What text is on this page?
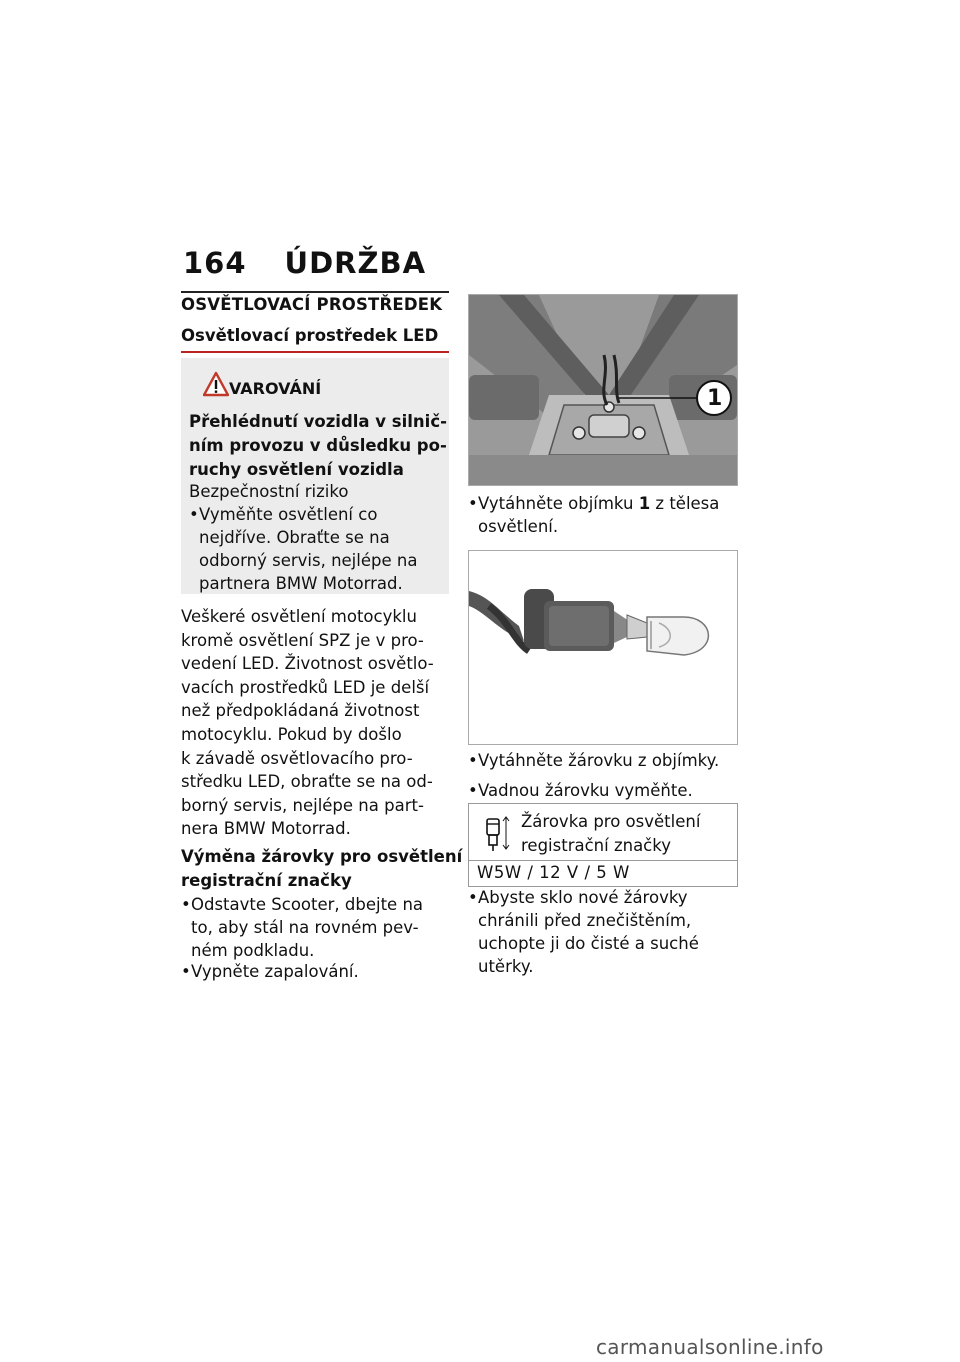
164 ÚDRŽBA
OSVĚTLOVACÍ PROSTŘEDEK
Osvětlovací prostředek LED
VAROVÁNÍ
Přehlédnutí vozidla v silnič-
ním provozu v důsledku po-
ruchy osvětlení vozidla
Bezpečnostní riziko
• Vyměňte osvětlení co
nejdříve. Obraťte se na
odborný servis, nejlépe na
partnera BMW Motorrad.
Veškeré osvětlení motocyklu
kromě osvětlení SPZ je v pro-
vedení LED. Životnost osvětlo-
vacích prostředků LED je delší
než předpokládaná životnost
motocyklu. Pokud by došlo
k závadě osvětlovacího pro-
středku LED, obraťte se na od-
borný servis, nejlépe na part-
nera BMW Motorrad.
Výměna žárovky pro osvětlení
registrační značky
• Odstavte Scooter, dbejte na
to, aby stál na rovném pev-
ném podkladu.
• Vypněte zapalování.
1
• Vytáhněte objímku 1 z tělesa
osvětlení.
• Vytáhněte žárovku z objímky.
• Vadnou žárovku vyměňte.
Žárovka pro osvětlení
registrační značky
W5W / 12 V / 5 W
• Abyste sklo nové žárovky
chránili před znečištěním,
uchopte ji do čisté a suché
utěrky.
carmanualsonline.info
